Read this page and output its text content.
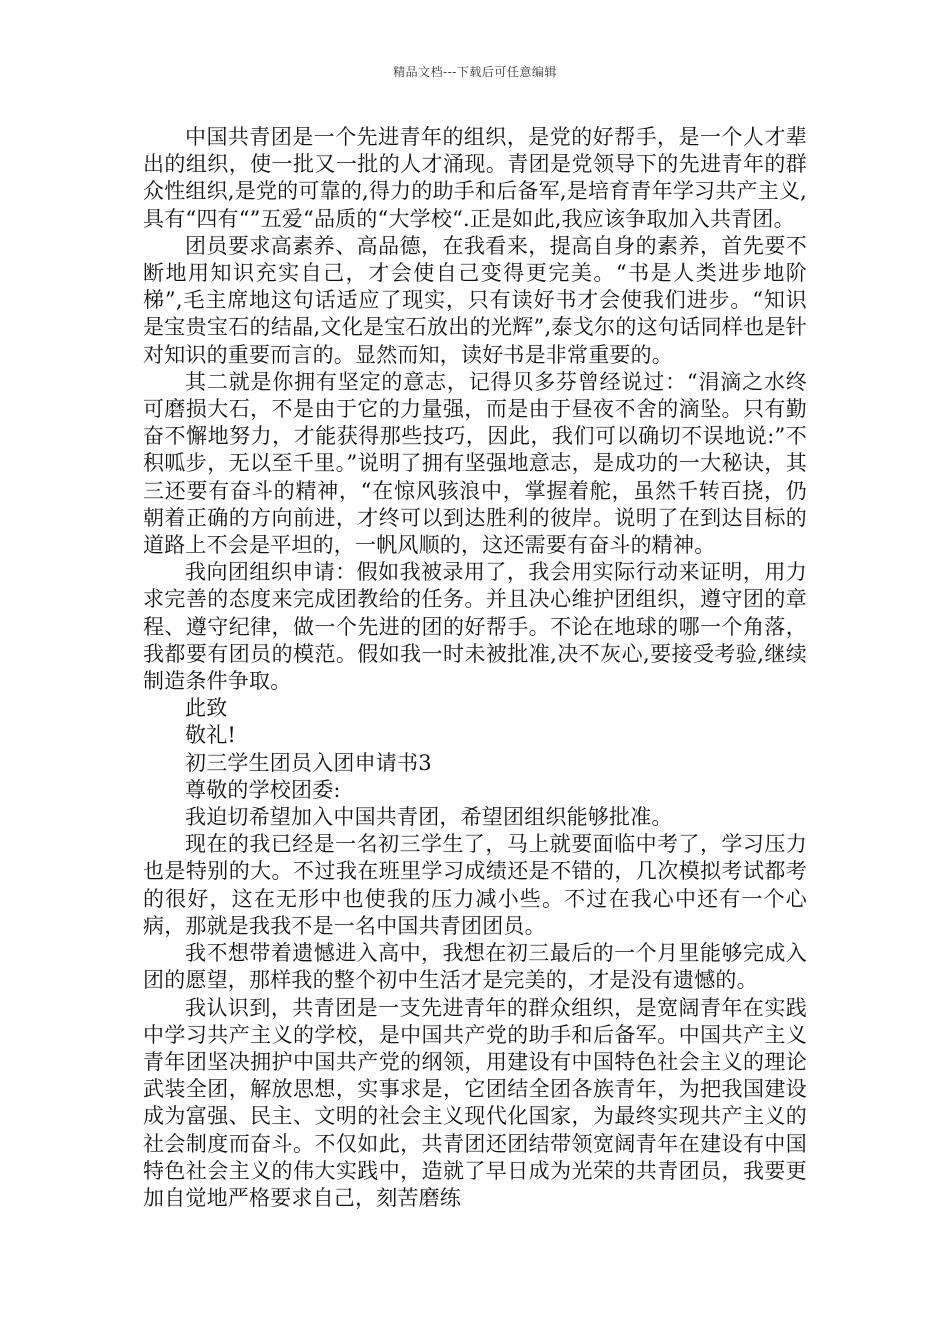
精品文档---下载后可任意编辑

中国共青团是一个先进青年的组织，是党的好帮手，是一个人才辈出的组织，使一批又一批的人才涌现。青团是党领导下的先进青年的群众性组织,是党的可靠的,得力的助手和后备军,是培育青年学习共产主义,具有“四有“”五爱“品质的“大学校“.正是如此,我应该争取加入共青团。

团员要求高素养、高品德，在我看来，提高自身的素养，首先要不断地用知识充实自己，才会使自己变得更完美。“书是人类进步地阶梯”,毛主席地这句话适应了现实，只有读好书才会使我们进步。“知识是宝贵宝石的结晶,文化是宝石放出的光辉”,泰戈尔的这句话同样也是针对知识的重要而言的。显然而知，读好书是非常重要的。

其二就是你拥有坚定的意志，记得贝多芬曾经说过：“涓滴之水终可磨损大石，不是由于它的力量强，而是由于昼夜不舍的滴坠。只有勤奋不懈地努力，才能获得那些技巧，因此，我们可以确切不误地说:”不积呱步，无以至千里。”说明了拥有坚强地意志，是成功的一大秘诀，其三还要有奋斗的精神，“在惊风骇浪中，掌握着舵，虽然千转百挠，仍朝着正确的方向前进，才终可以到达胜利的彼岸。说明了在到达目标的道路上不会是平坦的，一帆风顺的，这还需要有奋斗的精神。

我向团组织申请：假如我被录用了，我会用实际行动来证明，用力求完善的态度来完成团教给的任务。并且决心维护团组织，遵守团的章程、遵守纪律，做一个先进的团的好帮手。不论在地球的哪一个角落，我都要有团员的模范。假如我一时未被批准,决不灰心,要接受考验,继续制造条件争取。

此致

敬礼!

初三学生团员入团申请书3

尊敬的学校团委:

我迫切希望加入中国共青团，希望团组织能够批准。

现在的我已经是一名初三学生了，马上就要面临中考了，学习压力也是特别的大。不过我在班里学习成绩还是不错的，几次模拟考试都考的很好，这在无形中也使我的压力减小些。不过在我心中还有一个心病，那就是我我不是一名中国共青团团员。

我不想带着遗憾进入高中，我想在初三最后的一个月里能够完成入团的愿望，那样我的整个初中生活才是完美的，才是没有遗憾的。

我认识到，共青团是一支先进青年的群众组织，是宽阔青年在实践中学习共产主义的学校，是中国共产党的助手和后备军。中国共产主义青年团坚决拥护中国共产党的纲领，用建设有中国特色社会主义的理论武装全团，解放思想，实事求是，它团结全团各族青年，为把我国建设成为富强、民主、文明的社会主义现代化国家，为最终实现共产主义的社会制度而奋斗。不仅如此，共青团还团结带领宽阔青年在建设有中国特色社会主义的伟大实践中，造就了早日成为光荣的共青团员，我要更加自觉地严格要求自己，刻苦磨练
